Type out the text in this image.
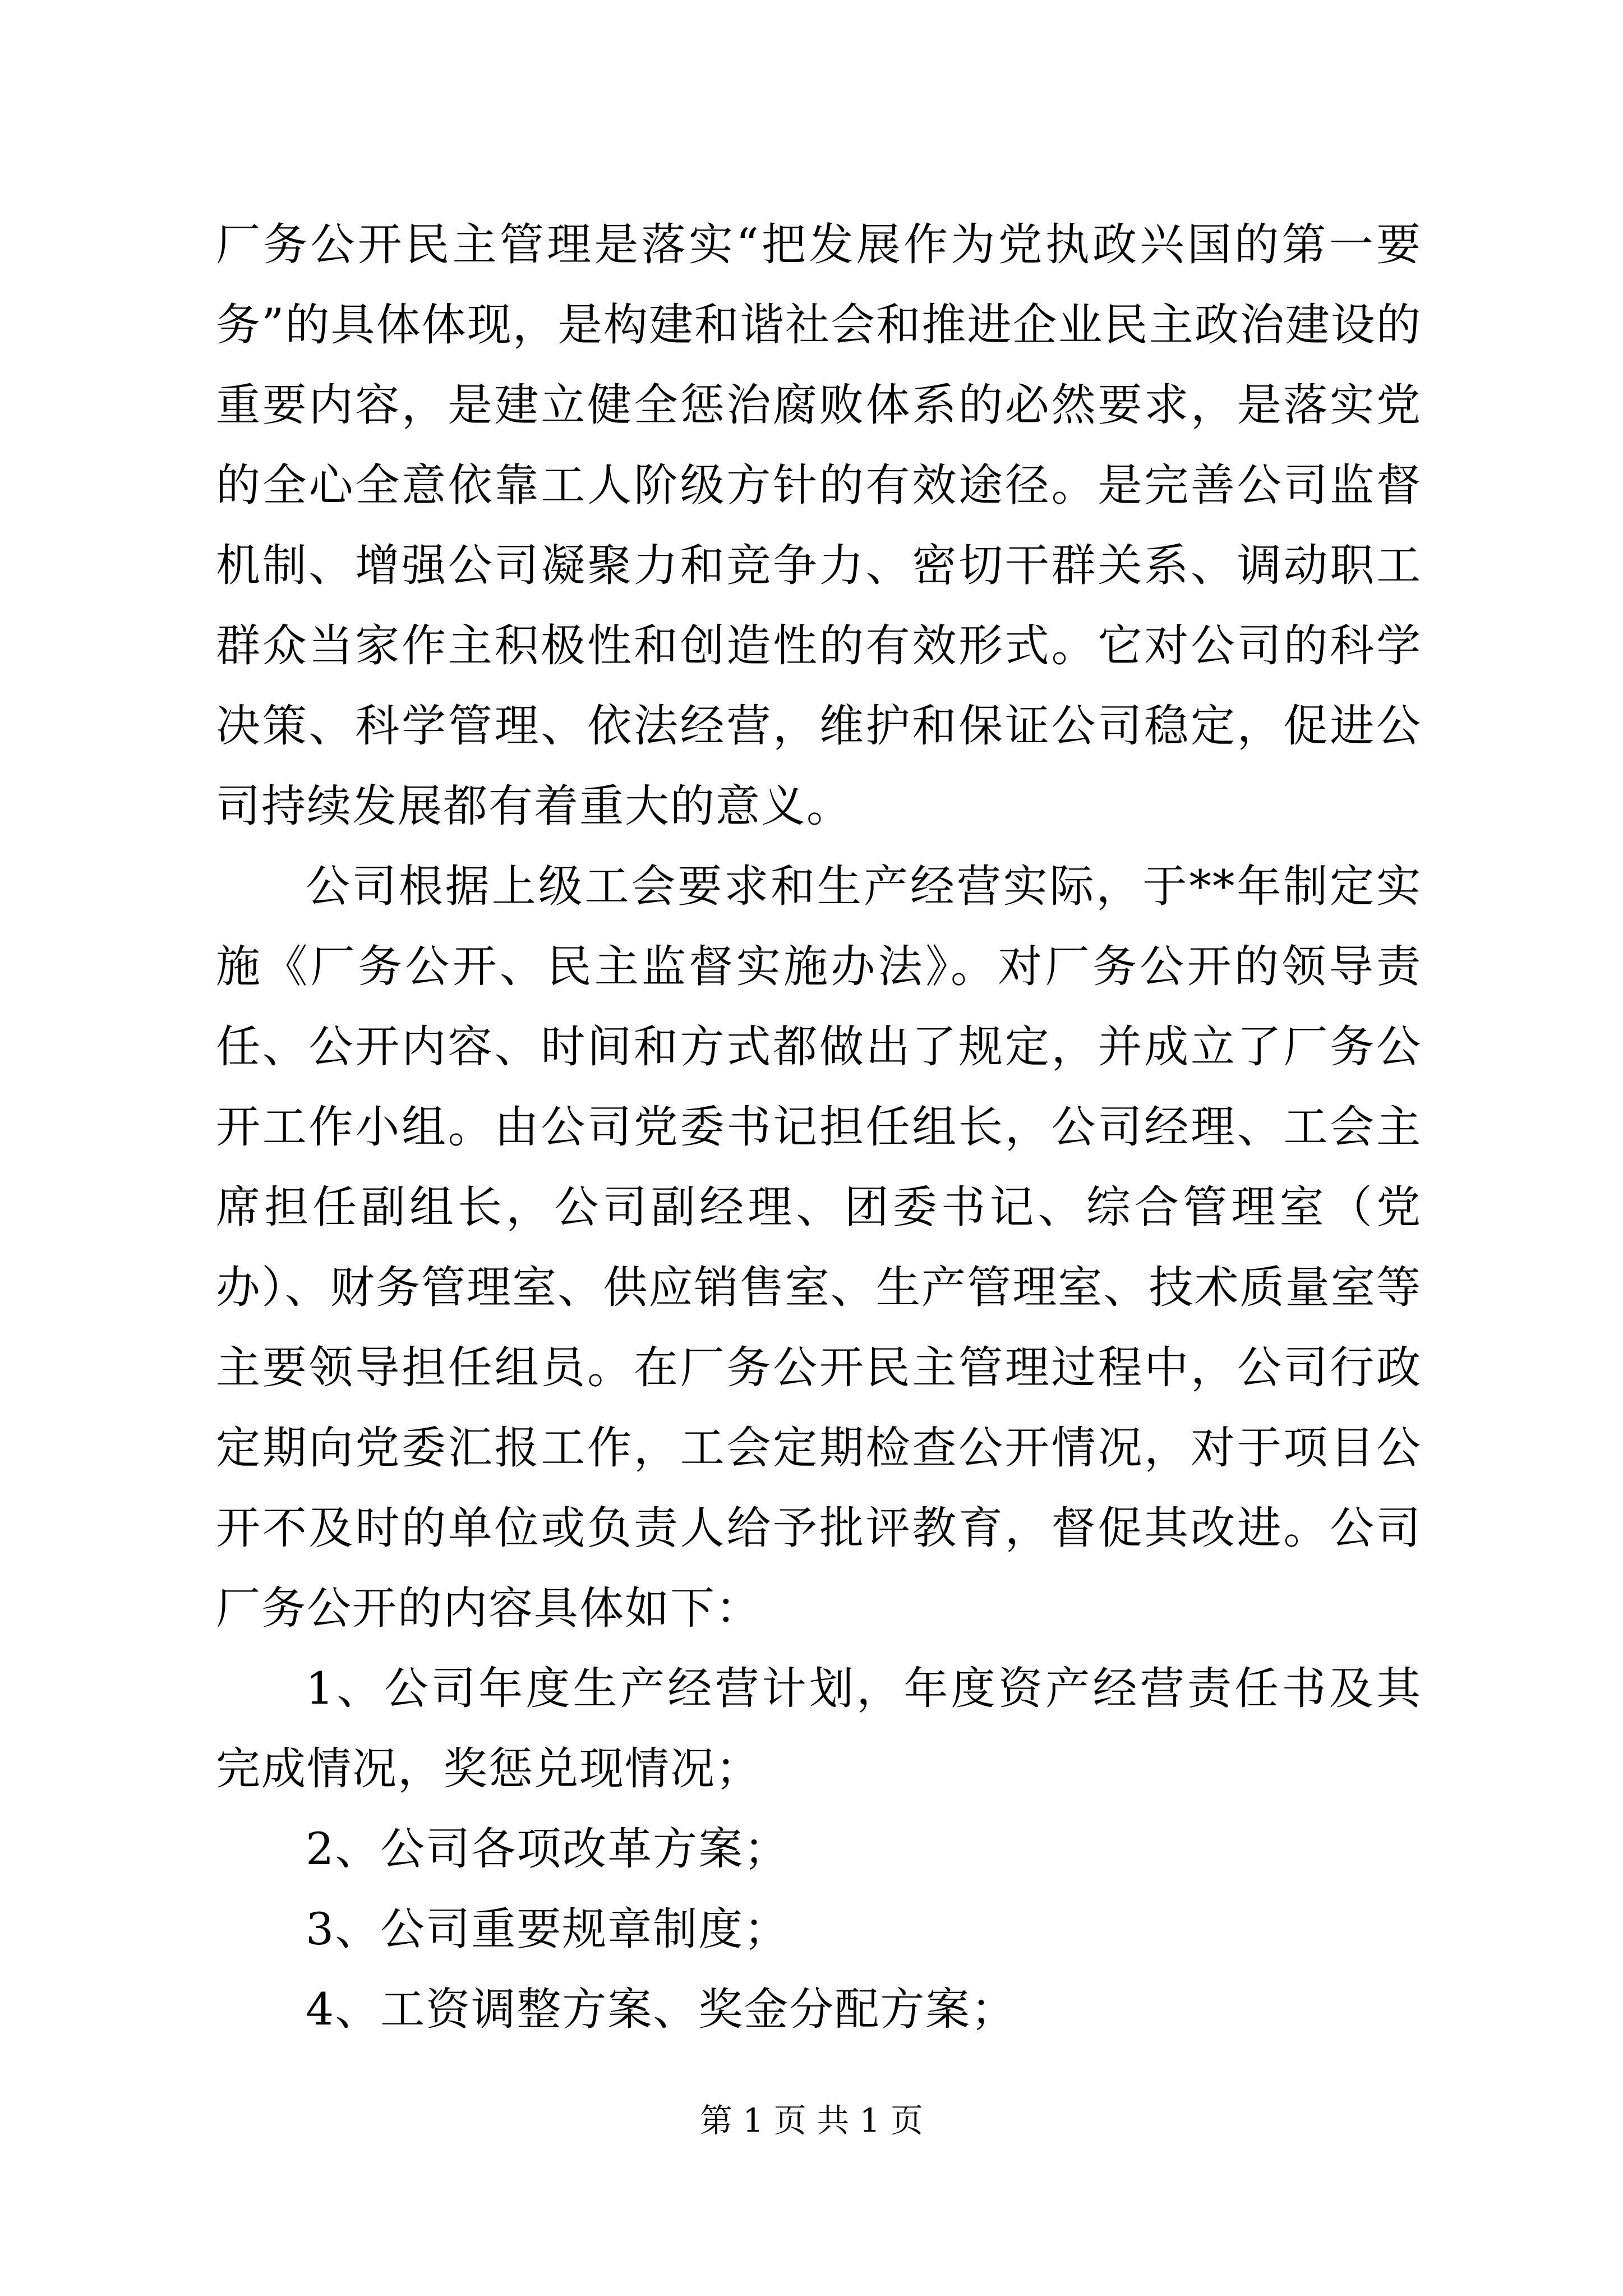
厂务公开民主管理是落实“把发展作为党执政兴国的第一要务”的具体体现，是构建和谐社会和推进企业民主政治建设的重要内容，是建立健全惩治腐败体系的必然要求，是落实党的全心全意依靠工人阶级方针的有效途径。是完善公司监督机制、增强公司凝聚力和竞争力、密切干群关系、调动职工群众当家作主积极性和创造性的有效形式。它对公司的科学决策、科学管理、依法经营，维护和保证公司稳定，促进公司持续发展都有着重大的意义。

公司根据上级工会要求和生产经营实际，于**年制定实施《厂务公开、民主监督实施办法》。对厂务公开的领导责任、公开内容、时间和方式都做出了规定，并成立了厂务公开工作小组。由公司党委书记担任组长，公司经理、工会主席担任副组长，公司副经理、团委书记、综合管理室（党办）、财务管理室、供应销售室、生产管理室、技术质量室等主要领导担任组员。在厂务公开民主管理过程中，公司行政定期向党委汇报工作，工会定期检查公开情况，对于项目公开不及时的单位或负责人给予批评教育，督促其改进。公司厂务公开的内容具体如下：

1、公司年度生产经营计划，年度资产经营责任书及其完成情况，奖惩兑现情况；

2、公司各项改革方案；

3、公司重要规章制度；

4、工资调整方案、奖金分配方案；

第 1 页 共 1 页
